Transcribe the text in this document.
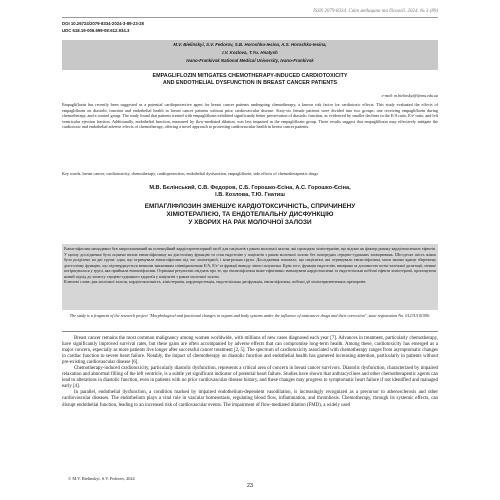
ISSN 2079-8334. Світ медицини та біології. 2024. № 3 (89)
DOI 10.26724/2079-8334-2024-3-89-23-28
UDC 618.19-006.699-08:612.934.3
M.V. Bielinskyi, S.V. Fedorov, S.B. Horoshko-Iesina, A.S. Horoshko-Iesina,
I.V. Kozlova, T.Yu. Hnatysh
Ivano-Frankivsk National Medical University, Ivano-Frankivsk
EMPAGLIFLOZIN MITIGATES CHEMOTHERAPY-INDUCED CARDIOTOXICITY
AND ENDOTHELIAL DYSFUNCTION IN BREAST CANCER PATIENTS
e-mail: m.bielinskyi@ifnmu.edu.ua
Empagliflozin has recently been suggested as a potential cardioprotective agent for breast cancer patients undergoing chemotherapy, a known risk factor for cardiotoxic effects. This study evaluated the effects of empagliflozin on diastolic function and endothelial health in breast cancer patients without prior cardiovascular disease. Sixty-six female patients were divided into two groups: one receiving empagliflozin during chemotherapy, and a control group. The study found that patients treated with empagliflozin exhibited significantly better preservation of diastolic function, as evidenced by smaller declines in the E/A ratio, E/e' ratio, and left ventricular ejection fraction. Additionally, endothelial function, measured by flow-mediated dilation, was less impaired in the empagliflozin group. These results suggest that empagliflozin may effectively mitigate the cardiotoxic and endothelial adverse effects of chemotherapy, offering a novel approach to protecting cardiovascular health in breast cancer patients.
Key words: breast cancer, cardiotoxicity, chemotherapy, cardioprotection, endothelial dysfunction, empagliflozin, side effects of chemotherapeutic drugs.
М.В. Бєлінський, С.В. Федоров, С.Б. Горошко-Єсіна, А.С. Горошко-Єсіна,
І.В. Козлова, Т.Ю. Гнатиш
ЕМПАГЛІФЛОЗИН ЗМЕНШУЄ КАРДІОТОКСИЧНІСТЬ, СПРИЧИНЕНУ
ХІМІОТЕРАПІЄЮ, ТА ЕНДОТЕЛІАЛЬНУ ДИСФУНКЦІЮ
У ХВОРИХ НА РАК МОЛОЧНОЇ ЗАЛОЗИ
Емпагліфлозин нещодавно був запропонований як потенційний кардіопротекторний засіб для пацієнтів з раком молочної залози, які проходять хіміотерапію, що відомо як фактор ризику кардіотоксичних ефектів. У цьому дослідженні було оцінено вплив емпагліфлозину на діастолічну функцію та стан ендотелію у пацієнтів з раком молочної залози без попередніх серцево-судинних захворювань. Шістдесят шість жінок було розділено на дві групи: одна, що отримувала емпагліфлозин під час хіміотерапії, і контрольна група. Дослідження показало, що пацієнтки, які отримували емпагліфлозин, мали значно краще збережену діастолічну функцію, що підтверджується меншим зниженням співвідношення E/A, E/e' та фракції викиду лівого шлуночка. Крім того, функція ендотелію, виміряна за допомогою потік-залежної дилатації, менше погіршувалася у групі, яка приймала емпагліфлозин. Отримані результати свідчать про те, що емпагліфлозин може ефективно зменшувати кардіотоксичні та ендотеліальні побічні ефекти хіміотерапії, пропонуючи новий підхід до захисту серцево-судинного здоров'я у пацієнтів з раком молочної залози.
Ключові слова: рак молочної залози, кардіотоксичність, хіміотерапія, кардіопротекція, ендотеліальна дисфункція, емпагліфлозин, побічні дії хіміотерапевтичних препаратів.
The study is a fragment of the research project "Morphological and functional changes in organs and body systems under the influence of anticancer drugs and their correction", state registration No. 0123U101590.

Breast cancer remains the most common malignancy among women worldwide, with millions of new cases diagnosed each year [7]. Advances in treatment, particularly chemotherapy, have significantly improved survival rates, but these gains are often accompanied by adverse effects that can compromise long-term health. Among these, cardiotoxicity has emerged as a major concern, especially as more patients live longer after successful cancer treatment [2, 5]. The spectrum of cardiotoxicity associated with chemotherapy ranges from asymptomatic changes in cardiac function to severe heart failure. Notably, the impact of chemotherapy on diastolic function and endothelial health has garnered increasing attention, particularly in patients without pre-existing cardiovascular disease [6].

Chemotherapy-induced cardiotoxicity, particularly diastolic dysfunction, represents a critical area of concern in breast cancer survivors. Diastolic dysfunction, characterized by impaired relaxation and abnormal filling of the left ventricle, is a subtle yet significant indicator of potential heart failure. Studies have shown that anthracyclines and other chemotherapeutic agents can lead to alterations in diastolic function, even in patients with no prior cardiovascular disease history, and these changes may progress to symptomatic heart failure if not identified and managed early [4].

In parallel, endothelial dysfunction, a condition marked by impaired endothelium-dependent vasodilation, is increasingly recognized as a precursor to atherosclerosis and other cardiovascular diseases. The endothelium plays a vital role in vascular homeostasis, regulating blood flow, inflammation, and thrombosis. Chemotherapy, through its systemic effects, can disrupt endothelial function, leading to an increased risk of cardiovascular events. The impairment of flow-mediated dilation (FMD), a widely used

© M.V. Bielinskyi, S.V. Fedorov, 2024
23
